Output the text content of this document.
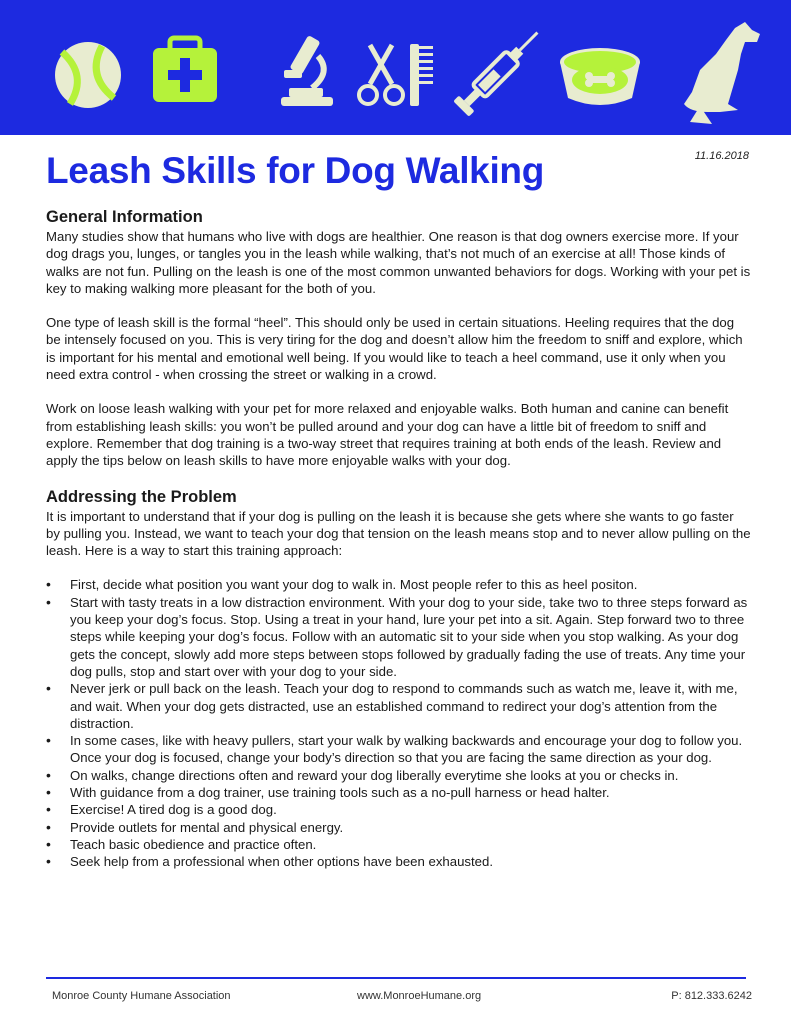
11.16.2018
Leash Skills for Dog Walking
General Information

Many studies show that humans who live with dogs are healthier. One reason is that dog owners exercise more. If your dog drags you, lunges, or tangles you in the leash while walking, that’s not much of an exercise at all! Those kinds of walks are not fun. Pulling on the leash is one of the most common unwanted behaviors for dogs. Working with your pet is key to making walking more pleasant for the both of you.

One type of leash skill is the formal “heel”. This should only be used in certain situations. Heeling requires that the dog be intensely focused on you. This is very tiring for the dog and doesn’t allow him the freedom to sniff and explore, which is important for his mental and emotional well being. If you would like to teach a heel command, use it only when you need extra control - when crossing the street or walking in a crowd.

Work on loose leash walking with your pet for more relaxed and enjoyable walks. Both human and canine can benefit from establishing leash skills: you won’t be pulled around and your dog can have a little bit of freedom to sniff and explore. Remember that dog training is a two-way street that requires training at both ends of the leash. Review and apply the tips below on leash skills to have more enjoyable walks with your dog.

Addressing the Problem

It is important to understand that if your dog is pulling on the leash it is because she gets where she wants to go faster by pulling you. Instead, we want to teach your dog that tension on the leash means stop and to never allow pulling on the leash. Here is a way to start this training approach:

• First, decide what position you want your dog to walk in. Most people refer to this as heel positon.
• Start with tasty treats in a low distraction environment. With your dog to your side, take two to three steps forward as you keep your dog’s focus. Stop. Using a treat in your hand, lure your pet into a sit. Again. Step forward two to three steps while keeping your dog’s focus. Follow with an automatic sit to your side when you stop walking. As your dog gets the concept, slowly add more steps between stops followed by gradually fading the use of treats. Any time your dog pulls, stop and start over with your dog to your side.
• Never jerk or pull back on the leash. Teach your dog to respond to commands such as watch me, leave it, with me, and wait. When your dog gets distracted, use an established command to redirect your dog’s attention from the distraction.
• In some cases, like with heavy pullers, start your walk by walking backwards and encourage your dog to follow you. Once your dog is focused, change your body’s direction so that you are facing the same direction as your dog.
• On walks, change directions often and reward your dog liberally everytime she looks at you or checks in.
• With guidance from a dog trainer, use training tools such as a no-pull harness or head halter.
• Exercise! A tired dog is a good dog.
• Provide outlets for mental and physical energy.
• Teach basic obedience and practice often.
• Seek help from a professional when other options have been exhausted.
Monroe County Humane Association	www.MonroeHumane.org	P: 812.333.6242
